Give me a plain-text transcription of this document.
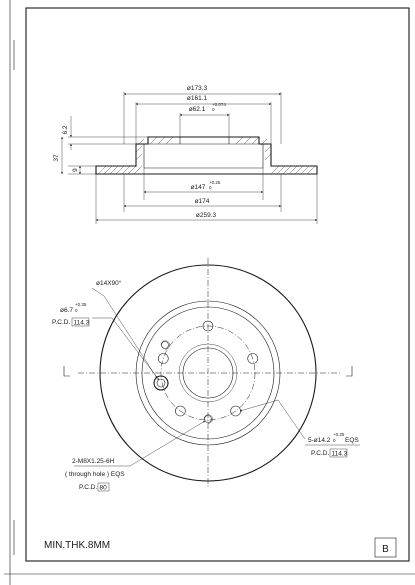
ø173.3
ø161.1
ø62.1
+0.074
0
6.2
37
9
ø147
+0.25
0
ø174
ø259.3
ø14X90°
ø6.7
+0.35
0
P.C.D. 114.3
5-ø14.2
+0.25
0 EQS
P.C.D. 114.3
2-M8X1.25-6H
( through hole ) EQS
P.C.D. 80
MIN.THK.8MM	B
